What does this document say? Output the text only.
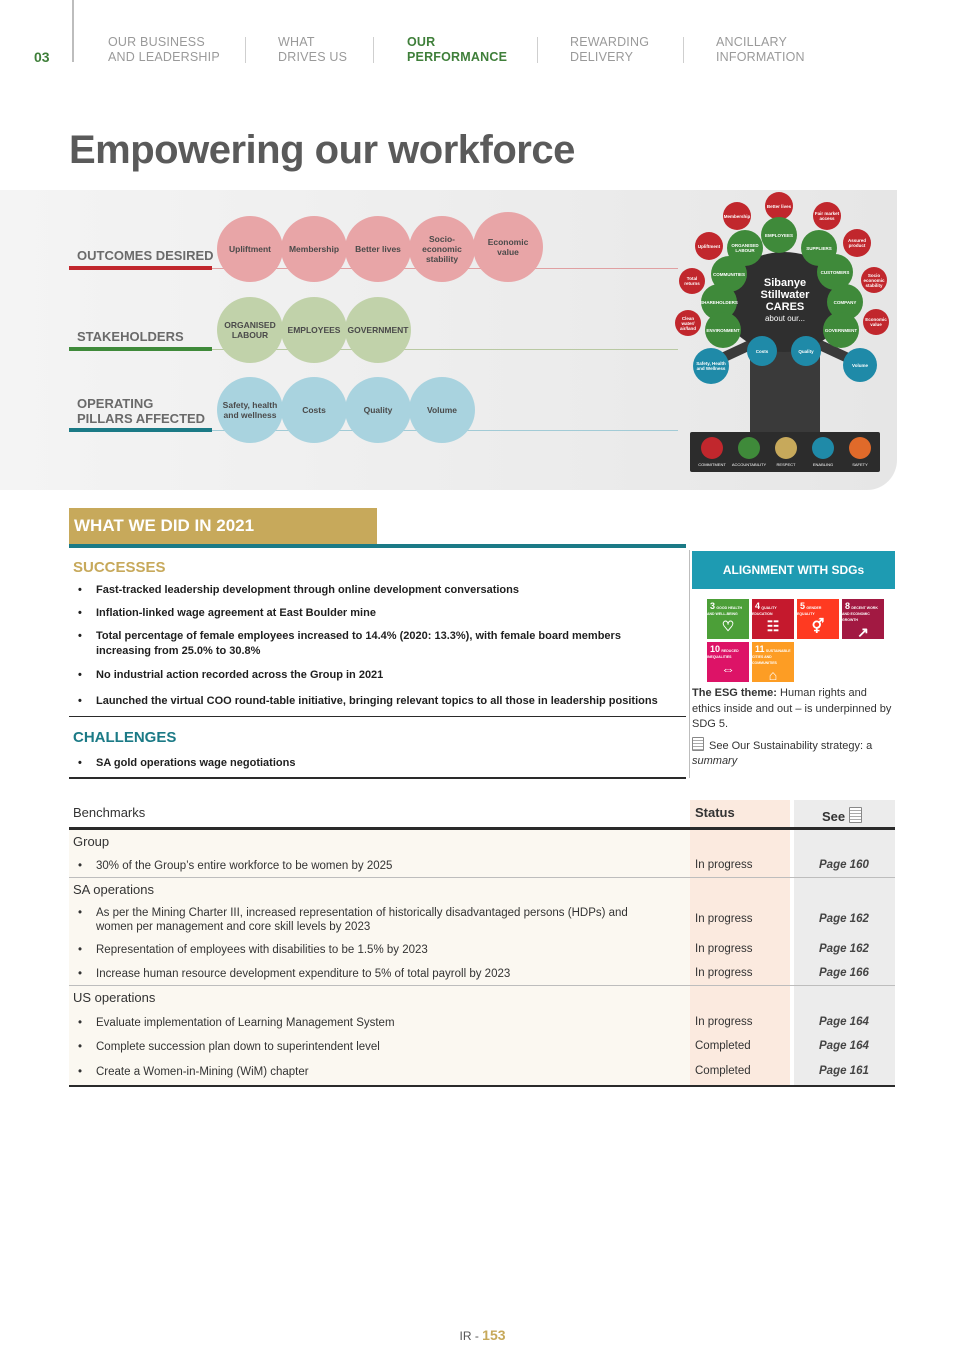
03
OUR BUSINESS
AND LEADERSHIP
WHAT
DRIVES US
OUR
PERFORMANCE
REWARDING
DELIVERY
ANCILLARY
INFORMATION
Empowering our workforce
OUTCOMES DESIRED	Upliftment	Membership	Better lives
Socio-economic stability
Economic value
STAKEHOLDERS
ORGANISED LABOUR	EMPLOYEES GOVERNMENT
OPERATING
PILLARS AFFECTED
Safety, health and wellness	Costs	Quality	Volume
Better lives
Fair market access
Membership
Assured product
Upliftment
Socio economic stability
Total returns
Economic value
Clean water/ air/land
EMPLOYEES
ORGANISED LABOUR	SUPPLIERS
COMMUNITIES	CUSTOMERS
SHAREHOLDERS	COMPANY
ENVIRONMENT	GOVERNMENT
Sibanye
Stillwater
CARES
about our...
Costs	Quality
Safety, Health and Wellness
Volume
COMMITMENT	ACCOUNTABILITY	RESPECT	ENABLING	SAFETY
WHAT WE DID IN 2021
SUCCESSES
•	Fast-tracked leadership development through online development conversations
•	Inflation-linked wage agreement at East Boulder mine
•	Total percentage of female employees increased to 14.4% (2020: 13.3%), with female board members increasing from 25.0% to 30.8%
•	No industrial action recorded across the Group in 2021
•	Launched the virtual COO round-table initiative, bringing relevant topics to all those in leadership positions
CHALLENGES
•	SA gold operations wage negotiations
ALIGNMENT WITH SDGs
3 GOOD HEALTH AND WELL-BEING
♡
4 QUALITY EDUCATION
☷
5 GENDER EQUALITY
⚥
8 DECENT WORK AND ECONOMIC GROWTH
↗
10 REDUCED INEQUALITIES
⇔
11 SUSTAINABLE CITIES AND COMMUNITIES
⌂
The ESG theme: Human rights and ethics inside and out – is underpinned by SDG 5.
See Our Sustainability strategy: a summary
Benchmarks	Status	See
Group
•	30% of the Group’s entire workforce to be women by 2025	In progress	Page 160
SA operations
•	As per the Mining Charter III, increased representation of historically disadvantaged persons (HDPs) and women per management and core skill levels by 2023
In progress	Page 162
•	Representation of employees with disabilities to be 1.5% by 2023	In progress	Page 162
•	Increase human resource development expenditure to 5% of total payroll by 2023	In progress	Page 166
US operations
•	Evaluate implementation of Learning Management System	In progress	Page 164
•	Complete succession plan down to superintendent level	Completed	Page 164
•	Create a Women-in-Mining (WiM) chapter	Completed	Page 161
IR - 153
